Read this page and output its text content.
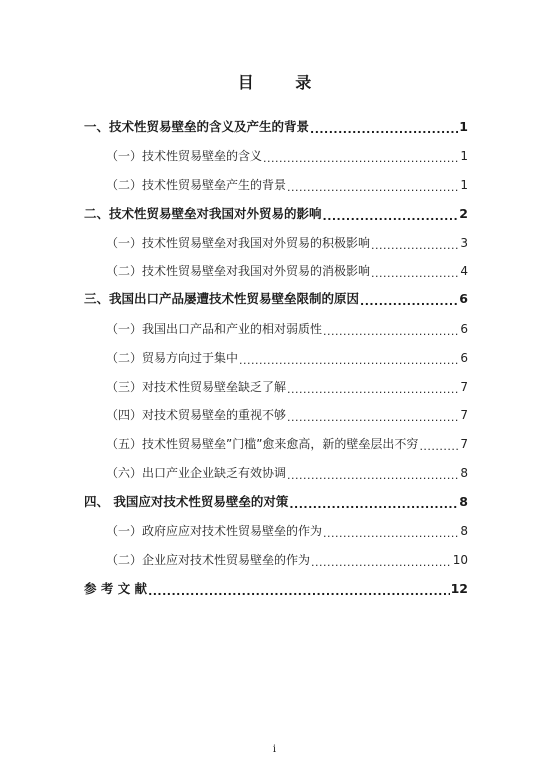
目 录
一、技术性贸易壁垒的含义及产生的背景 .....	1
（一）技术性贸易壁垒的含义 .....	1
（二）技术性贸易壁垒产生的背景 .....	1
二、技术性贸易壁垒对我国对外贸易的影响 .....	2
（一）技术性贸易壁垒对我国对外贸易的积极影响 .....	3
（二）技术性贸易壁垒对我国对外贸易的消极影响 .....	4
三、我国出口产品屡遭技术性贸易壁垒限制的原因 .....	6
（一）我国出口产品和产业的相对弱质性 .....	6
（二）贸易方向过于集中 .....	6
（三）对技术性贸易壁垒缺乏了解 .....	7
（四）对技术贸易壁垒的重视不够 .....	7
（五）技术性贸易壁垒”门槛”愈来愈高，新的壁垒层出不穷 .....	7
（六）出口产业企业缺乏有效协调 .....	8
四、 我国应对技术性贸易壁垒的对策 .....	8
（一）政府应应对技术性贸易壁垒的作为 .....	8
（二）企业应对技术性贸易壁垒的作为 .....	10
参 考 文 献 .....	12
i
